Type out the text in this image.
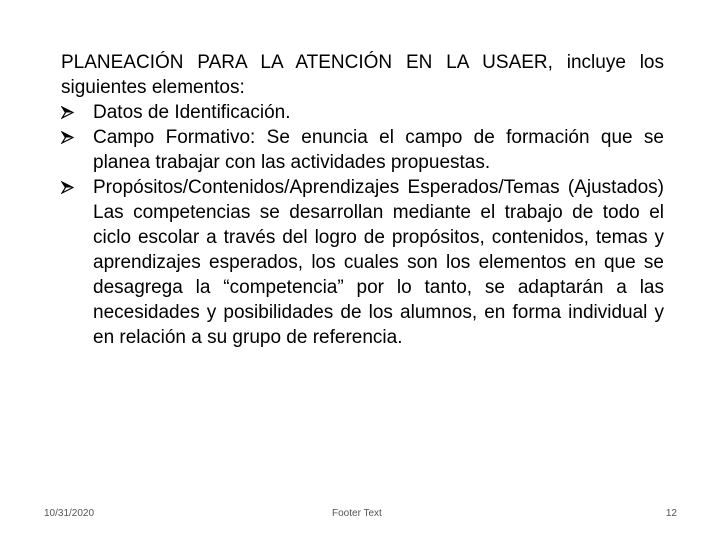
PLANEACIÓN PARA LA ATENCIÓN EN LA USAER, incluye los siguientes elementos:

Datos de Identificación.
Campo Formativo: Se enuncia el campo de formación que se planea trabajar con las actividades propuestas.
Propósitos/Contenidos/Aprendizajes Esperados/Temas (Ajustados) Las competencias se desarrollan mediante el trabajo de todo el ciclo escolar a través del logro de propósitos, contenidos, temas y aprendizajes esperados, los cuales son los elementos en que se desagrega la “competencia” por lo tanto, se adaptarán a las necesidades y posibilidades de los alumnos, en forma individual y en relación a su grupo de referencia.
10/31/2020	Footer Text	12
